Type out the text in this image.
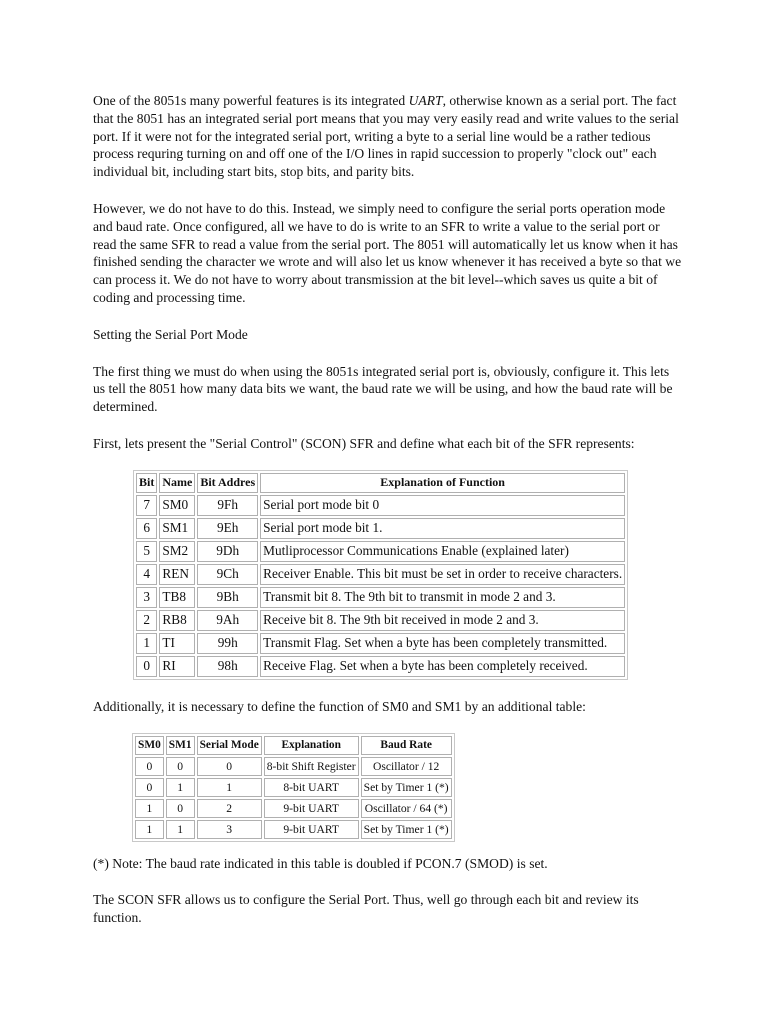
One of the 8051s many powerful features is its integrated UART, otherwise known as a serial port. The fact that the 8051 has an integrated serial port means that you may very easily read and write values to the serial port. If it were not for the integrated serial port, writing a byte to a serial line would be a rather tedious process requring turning on and off one of the I/O lines in rapid succession to properly "clock out" each individual bit, including start bits, stop bits, and parity bits.

However, we do not have to do this. Instead, we simply need to configure the serial ports operation mode and baud rate. Once configured, all we have to do is write to an SFR to write a value to the serial port or read the same SFR to read a value from the serial port. The 8051 will automatically let us know when it has finished sending the character we wrote and will also let us know whenever it has received a byte so that we can process it. We do not have to worry about transmission at the bit level--which saves us quite a bit of coding and processing time.

Setting the Serial Port Mode

The first thing we must do when using the 8051s integrated serial port is, obviously, configure it. This lets us tell the 8051 how many data bits we want, the baud rate we will be using, and how the baud rate will be determined.

First, lets present the "Serial Control" (SCON) SFR and define what each bit of the SFR represents:

Bit	Name	Bit Addres	Explanation of Function
7	SM0	9Fh	Serial port mode bit 0
6	SM1	9Eh	Serial port mode bit 1.
5	SM2	9Dh	Mutliprocessor Communications Enable (explained later)
4	REN	9Ch	Receiver Enable. This bit must be set in order to receive characters.
3	TB8	9Bh	Transmit bit 8. The 9th bit to transmit in mode 2 and 3.
2	RB8	9Ah	Receive bit 8. The 9th bit received in mode 2 and 3.
1	TI	99h	Transmit Flag. Set when a byte has been completely transmitted.
0	RI	98h	Receive Flag. Set when a byte has been completely received.

Additionally, it is necessary to define the function of SM0 and SM1 by an additional table:

SM0	SM1	Serial Mode	Explanation	Baud Rate
0	0	0	8-bit Shift Register	Oscillator / 12
0	1	1	8-bit UART	Set by Timer 1 (*)
1	0	2	9-bit UART	Oscillator / 64 (*)
1	1	3	9-bit UART	Set by Timer 1 (*)

(*) Note: The baud rate indicated in this table is doubled if PCON.7 (SMOD) is set.

The SCON SFR allows us to configure the Serial Port. Thus, well go through each bit and review its function.
